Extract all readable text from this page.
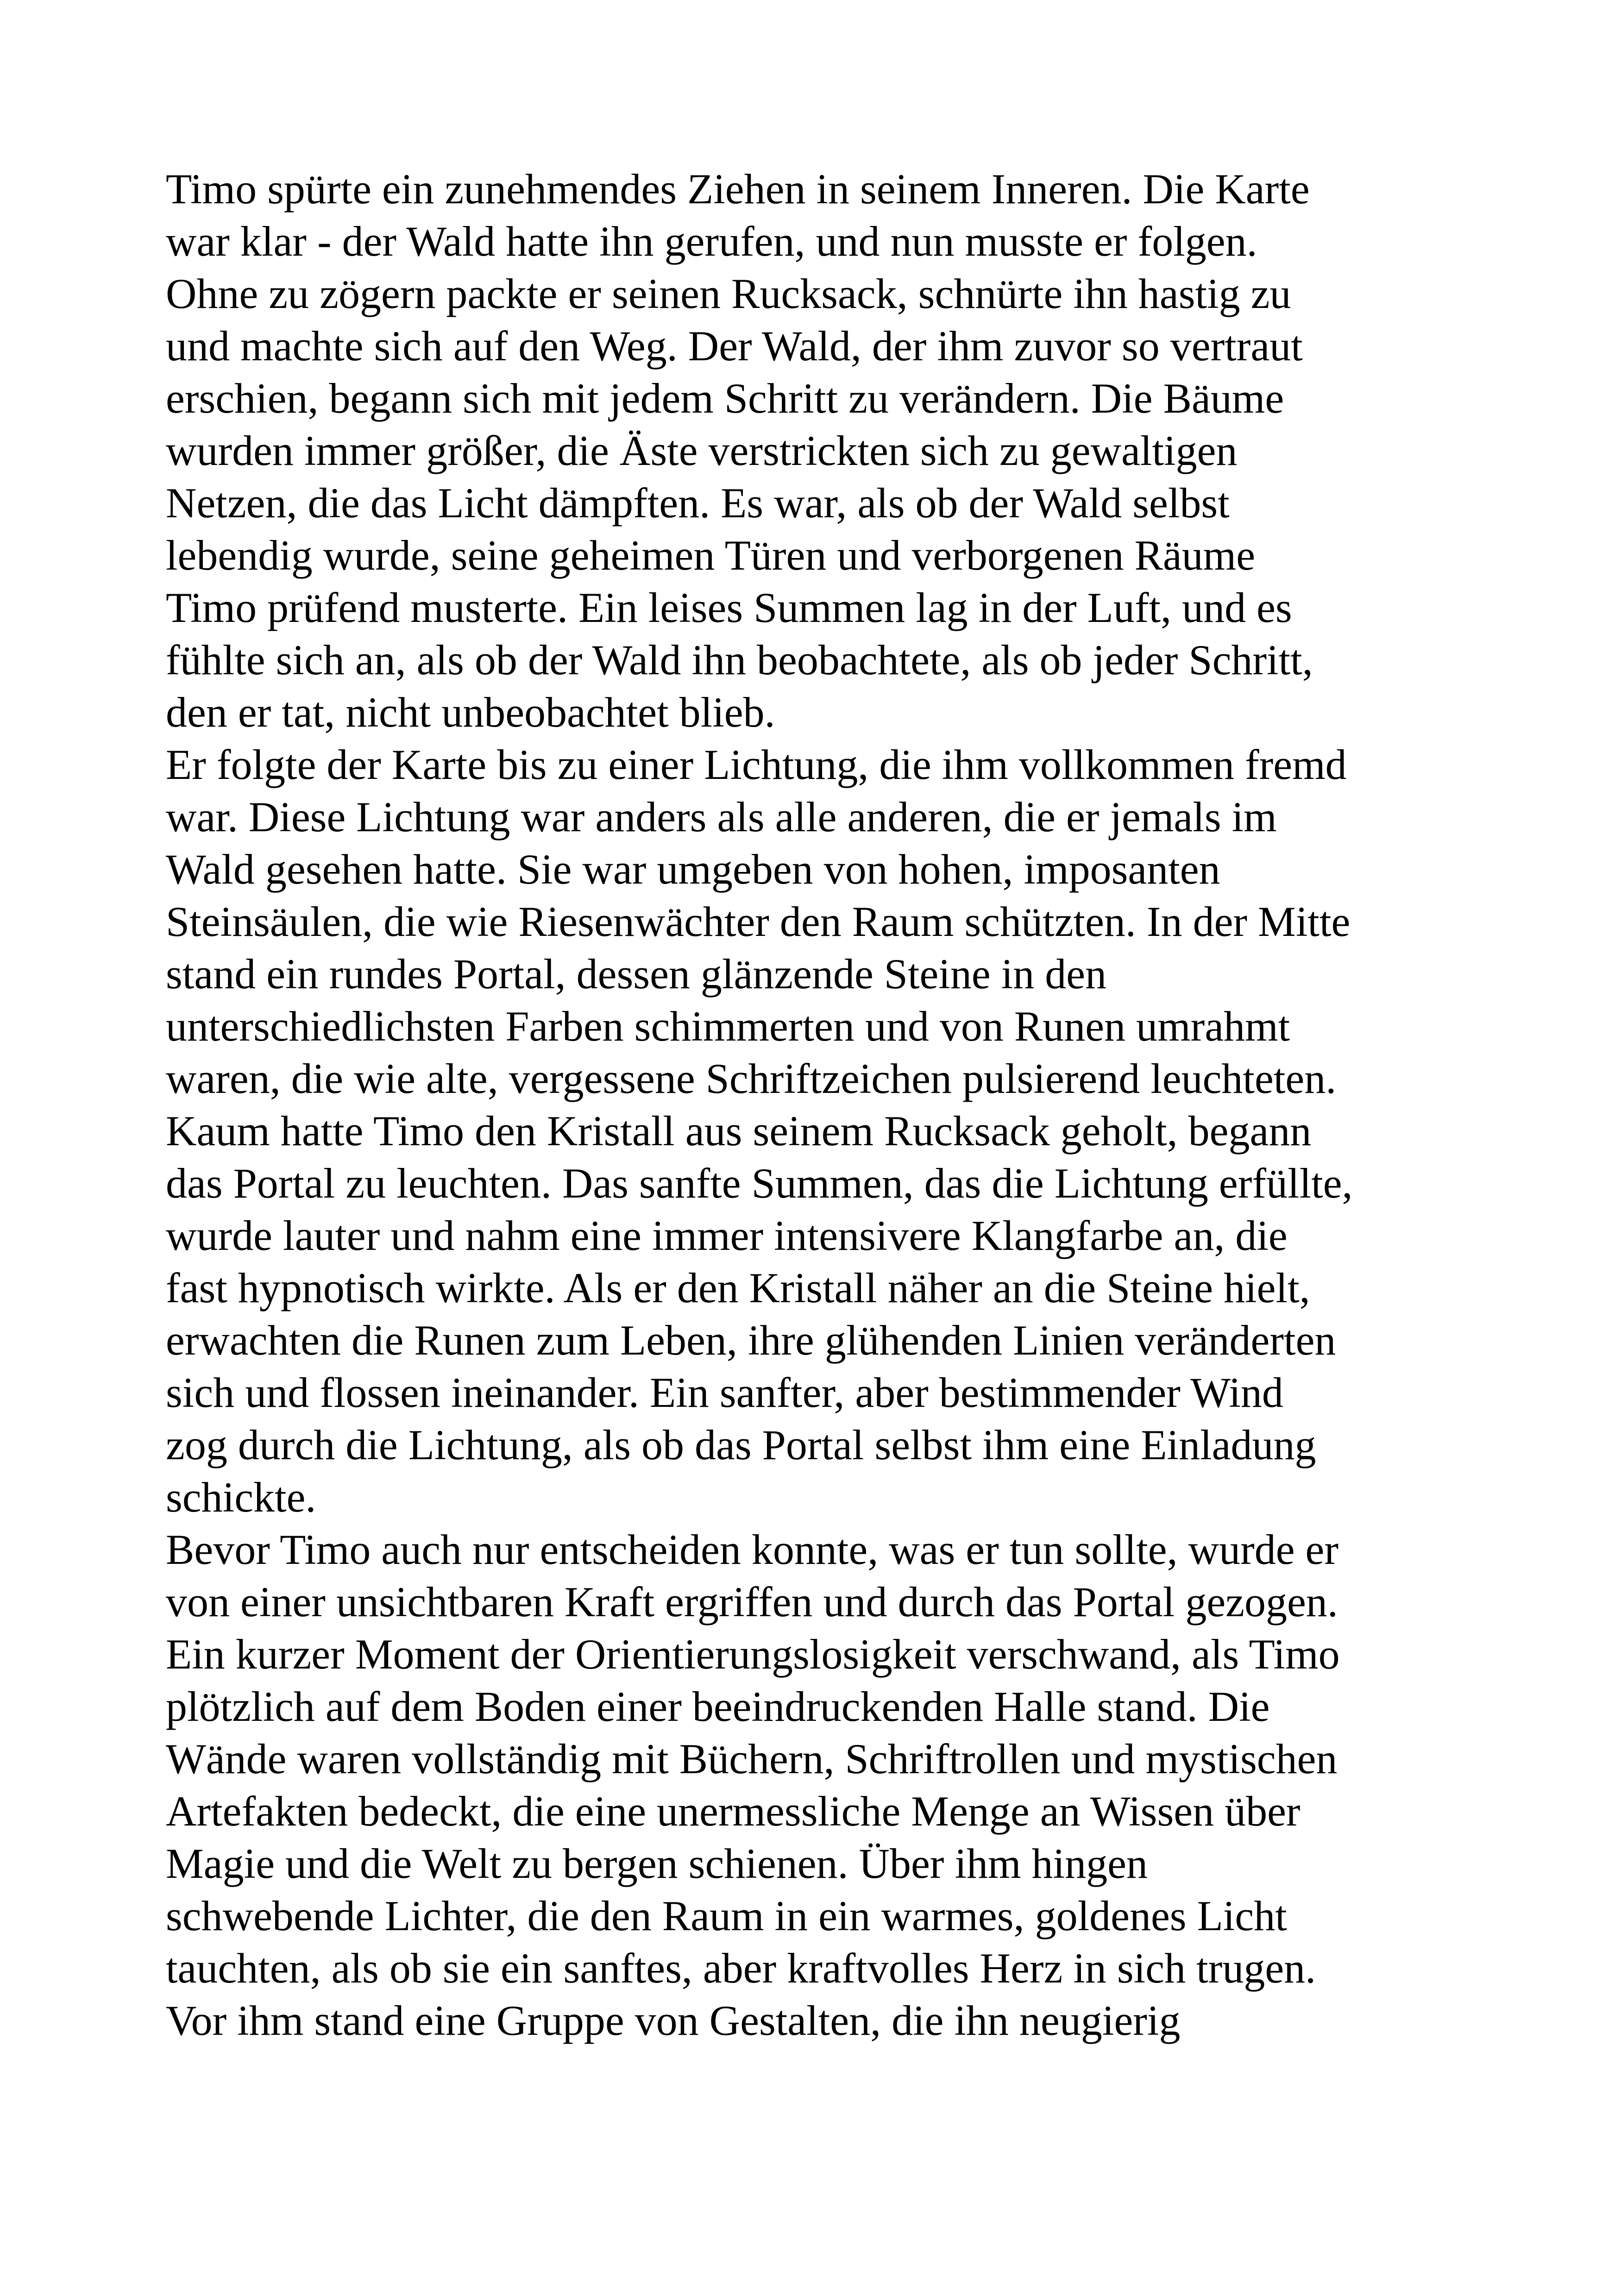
Timo spürte ein zunehmendes Ziehen in seinem Inneren. Die Karte
war klar - der Wald hatte ihn gerufen, und nun musste er folgen.
Ohne zu zögern packte er seinen Rucksack, schnürte ihn hastig zu
und machte sich auf den Weg. Der Wald, der ihm zuvor so vertraut
erschien, begann sich mit jedem Schritt zu verändern. Die Bäume
wurden immer größer, die Äste verstrickten sich zu gewaltigen
Netzen, die das Licht dämpften. Es war, als ob der Wald selbst
lebendig wurde, seine geheimen Türen und verborgenen Räume
Timo prüfend musterte. Ein leises Summen lag in der Luft, und es
fühlte sich an, als ob der Wald ihn beobachtete, als ob jeder Schritt,
den er tat, nicht unbeobachtet blieb.
Er folgte der Karte bis zu einer Lichtung, die ihm vollkommen fremd
war. Diese Lichtung war anders als alle anderen, die er jemals im
Wald gesehen hatte. Sie war umgeben von hohen, imposanten
Steinsäulen, die wie Riesenwächter den Raum schützten. In der Mitte
stand ein rundes Portal, dessen glänzende Steine in den
unterschiedlichsten Farben schimmerten und von Runen umrahmt
waren, die wie alte, vergessene Schriftzeichen pulsierend leuchteten.
Kaum hatte Timo den Kristall aus seinem Rucksack geholt, begann
das Portal zu leuchten. Das sanfte Summen, das die Lichtung erfüllte,
wurde lauter und nahm eine immer intensivere Klangfarbe an, die
fast hypnotisch wirkte. Als er den Kristall näher an die Steine hielt,
erwachten die Runen zum Leben, ihre glühenden Linien veränderten
sich und flossen ineinander. Ein sanfter, aber bestimmender Wind
zog durch die Lichtung, als ob das Portal selbst ihm eine Einladung
schickte.
Bevor Timo auch nur entscheiden konnte, was er tun sollte, wurde er
von einer unsichtbaren Kraft ergriffen und durch das Portal gezogen.
Ein kurzer Moment der Orientierungslosigkeit verschwand, als Timo
plötzlich auf dem Boden einer beeindruckenden Halle stand. Die
Wände waren vollständig mit Büchern, Schriftrollen und mystischen
Artefakten bedeckt, die eine unermessliche Menge an Wissen über
Magie und die Welt zu bergen schienen. Über ihm hingen
schwebende Lichter, die den Raum in ein warmes, goldenes Licht
tauchten, als ob sie ein sanftes, aber kraftvolles Herz in sich trugen.
Vor ihm stand eine Gruppe von Gestalten, die ihn neugierig
